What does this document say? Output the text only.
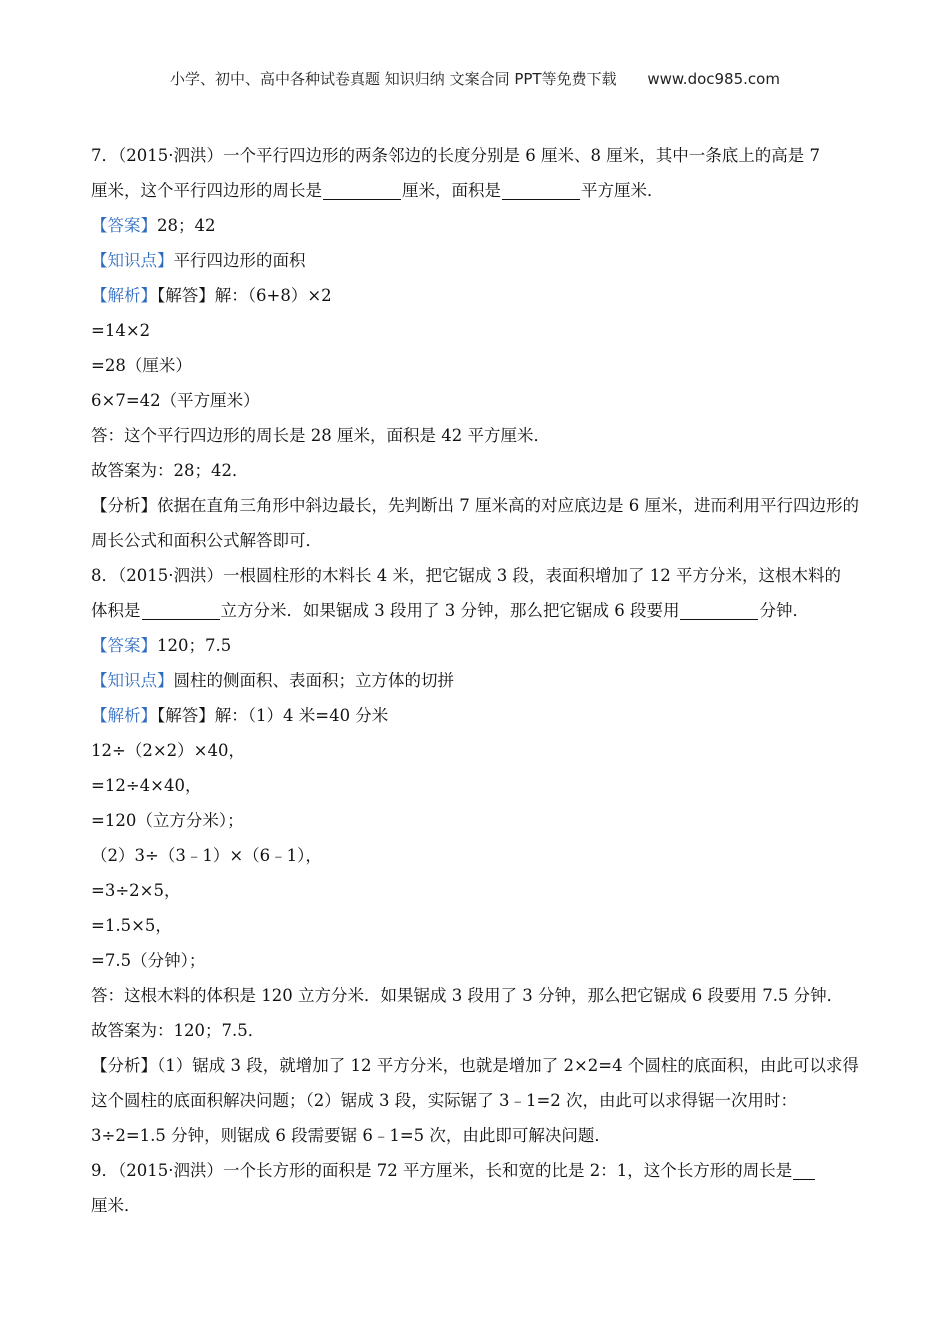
小学、初中、高中各种试卷真题 知识归纳 文案合同 PPT等免费下载 www.doc985.com
7．（2015·泗洪）一个平行四边形的两条邻边的长度分别是 6 厘米、8 厘米，其中一条底上的高是 7
厘米，这个平行四边形的周长是	厘米，面积是	平方厘米．
【答案】28；42
【知识点】平行四边形的面积
【解析】【解答】解：（6+8）×2
=14×2
=28（厘米）
6×7=42（平方厘米）
答：这个平行四边形的周长是 28 厘米，面积是 42 平方厘米．
故答案为：28；42．
【分析】依据在直角三角形中斜边最长，先判断出 7 厘米高的对应底边是 6 厘米，进而利用平行四边形的周长公式和面积公式解答即可．
8．（2015·泗洪）一根圆柱形的木料长 4 米，把它锯成 3 段，表面积增加了 12 平方分米，这根木料的
体积是	立方分米．如果锯成 3 段用了 3 分钟，那么把它锯成 6 段要用	分钟．
【答案】120；7.5
【知识点】圆柱的侧面积、表面积；立方体的切拼
【解析】【解答】解：（1）4 米=40 分米
12÷（2×2）×40，
=12÷4×40，
=120（立方分米）；
（2）3÷（3﹣1）×（6﹣1），
=3÷2×5，
=1.5×5，
=7.5（分钟）；
答：这根木料的体积是 120 立方分米．如果锯成 3 段用了 3 分钟，那么把它锯成 6 段要用 7.5 分钟．
故答案为：120；7.5．
【分析】（1）锯成 3 段，就增加了 12 平方分米，也就是增加了 2×2=4 个圆柱的底面积，由此可以求得这个圆柱的底面积解决问题；（2）锯成 3 段，实际锯了 3﹣1=2 次，由此可以求得锯一次用时：3÷2=1.5 分钟，则锯成 6 段需要锯 6﹣1=5 次，由此即可解决问题．
9．（2015·泗洪）一个长方形的面积是 72 平方厘米，长和宽的比是 2：1，这个长方形的周长是
厘米．
